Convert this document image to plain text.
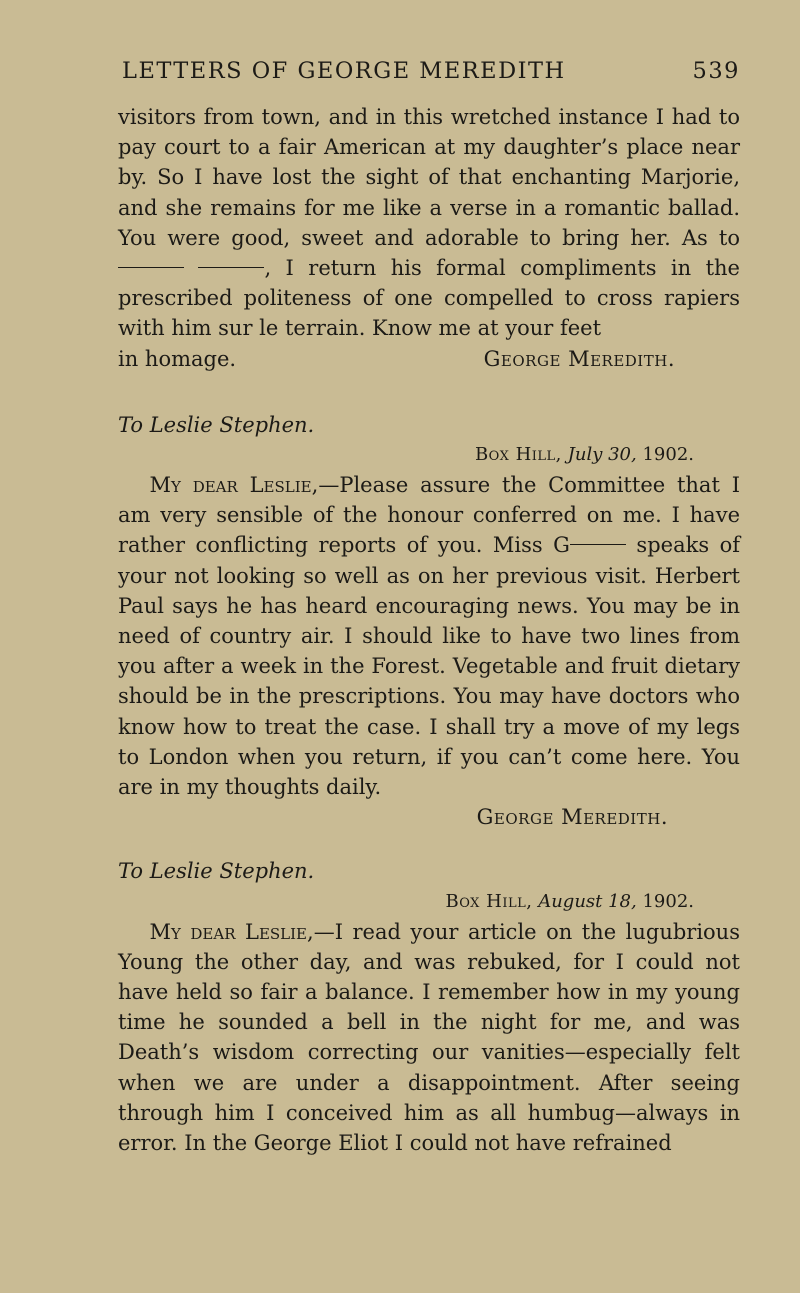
LETTERS OF GEORGE MEREDITH	539

visitors from town, and in this wretched instance I had to pay court to a fair American at my daughter’s place near by. So I have lost the sight of that enchanting Marjorie, and she remains for me like a verse in a romantic ballad. You were good, sweet and adorable to bring her. As to  , I return his formal compliments in the prescribed politeness of one compelled to cross rapiers with him sur le terrain. Know me at your feet

in homage.	George Meredith.
To Leslie Stephen.
Box Hill, July 30, 1902.

My dear Leslie,—Please assure the Committee that I am very sensible of the honour conferred on me. I have rather conflicting reports of you. Miss G	speaks of your not looking so well as on her previous visit. Herbert Paul says he has heard encouraging news. You may be in need of country air. I should like to have two lines from you after a week in the Forest. Vegetable and fruit dietary should be in the prescriptions. You may have doctors who know how to treat the case. I shall try a move of my legs to London when you return, if you can’t come here. You are in my thoughts daily.

George Meredith.
To Leslie Stephen.
Box Hill, August 18, 1902.

My dear Leslie,—I read your article on the lugubrious Young the other day, and was rebuked, for I could not have held so fair a balance. I remember how in my young time he sounded a bell in the night for me, and was Death’s wisdom correcting our vanities—especially felt when we are under a disappointment. After seeing through him I conceived him as all humbug—always in error. In the George Eliot I could not have refrained
